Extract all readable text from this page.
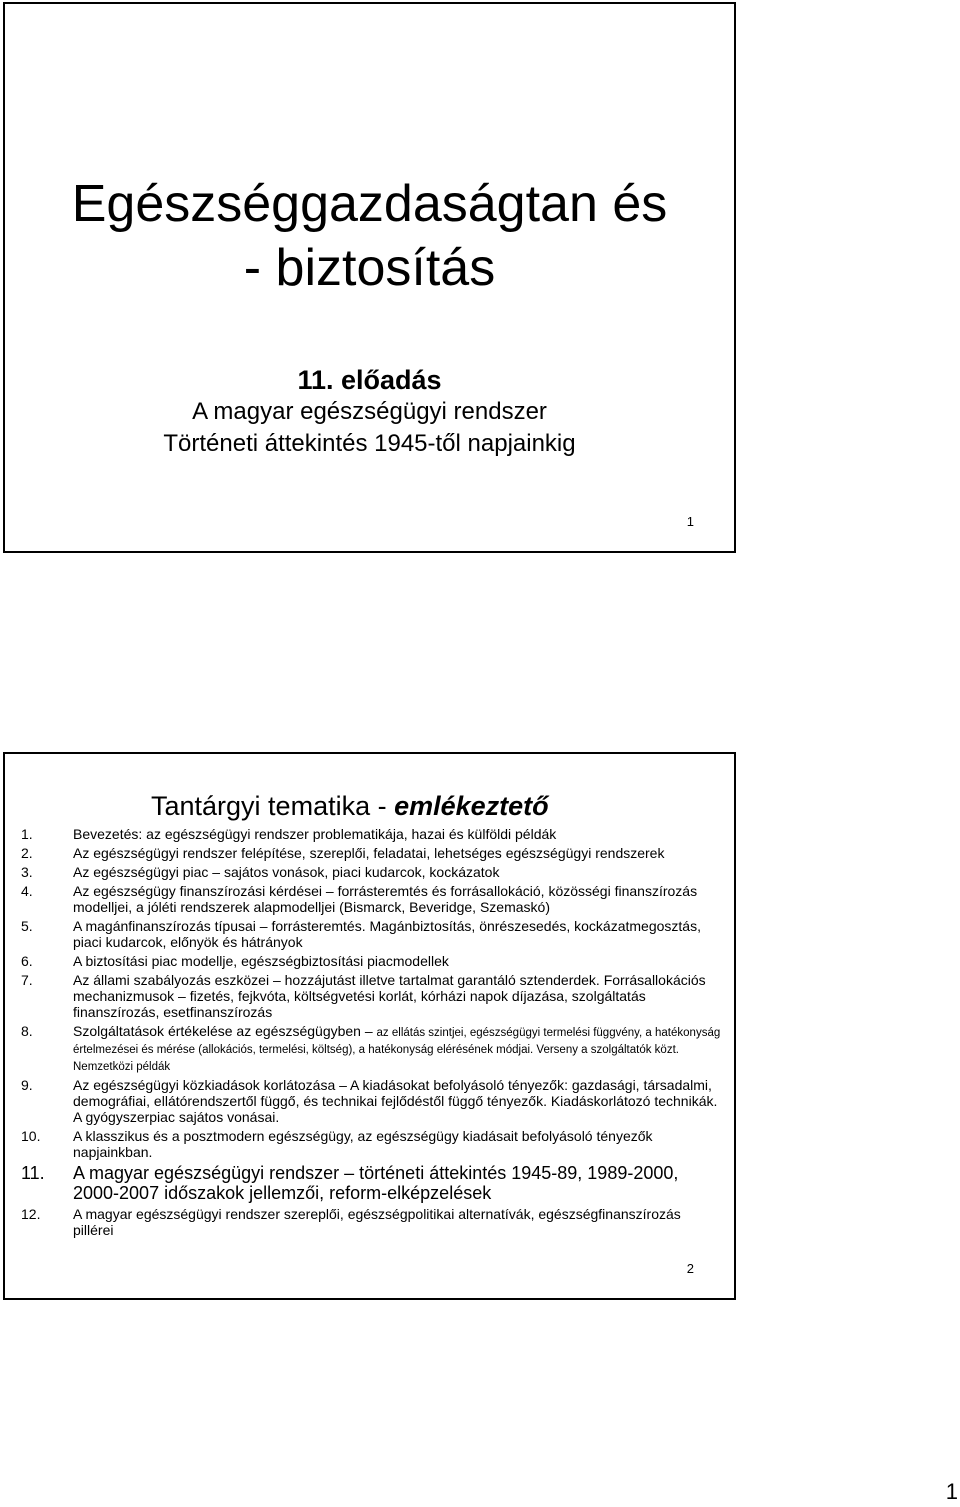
Egészséggazdaságtan és
- biztosítás
11. előadás
A magyar egészségügyi rendszer
Történeti áttekintés 1945-től napjainkig
1
Tantárgyi tematika - emlékeztető
1.	Bevezetés: az egészségügyi rendszer problematikája, hazai és külföldi példák
2.	Az egészségügyi rendszer felépítése, szereplői, feladatai, lehetséges egészségügyi rendszerek
3.	Az egészségügyi piac – sajátos vonások, piaci kudarcok, kockázatok
4.	Az egészségügy finanszírozási kérdései – forrásteremtés és forrásallokáció, közösségi finanszírozás modelljei, a jóléti rendszerek alapmodelljei (Bismarck, Beveridge, Szemaskó)
5.	A magánfinanszírozás típusai – forrásteremtés. Magánbiztosítás, önrészesedés, kockázatmegosztás, piaci kudarcok, előnyök és hátrányok
6.	A biztosítási piac modellje, egészségbiztosítási piacmodellek
7.	Az állami szabályozás eszközei – hozzájutást illetve tartalmat garantáló sztenderdek. Forrásallokációs mechanizmusok – fizetés, fejkvóta, költségvetési korlát, kórházi napok díjazása, szolgáltatás finanszírozás, esetfinanszírozás
8.	Szolgáltatások értékelése az egészségügyben – az ellátás szintjei, egészségügyi termelési függvény, a hatékonyság értelmezései és mérése (allokációs, termelési, költség), a hatékonyság elérésének módjai. Verseny a szolgáltatók közt. Nemzetközi példák
9.	Az egészségügyi közkiadások korlátozása – A kiadásokat befolyásoló tényezők: gazdasági, társadalmi, demográfiai, ellátórendszertől függő, és technikai fejlődéstől függő tényezők. Kiadáskorlátozó technikák. A gyógyszerpiac sajátos vonásai.
10.	A klasszikus és a posztmodern egészségügy, az egészségügy kiadásait befolyásoló tényezők napjainkban.
11.	A magyar egészségügyi rendszer – történeti áttekintés 1945-89, 1989-2000, 2000-2007 időszakok jellemzői, reform-elképzelések
12.	A magyar egészségügyi rendszer szereplői, egészségpolitikai alternatívák, egészségfinanszírozás pillérei
2
1
